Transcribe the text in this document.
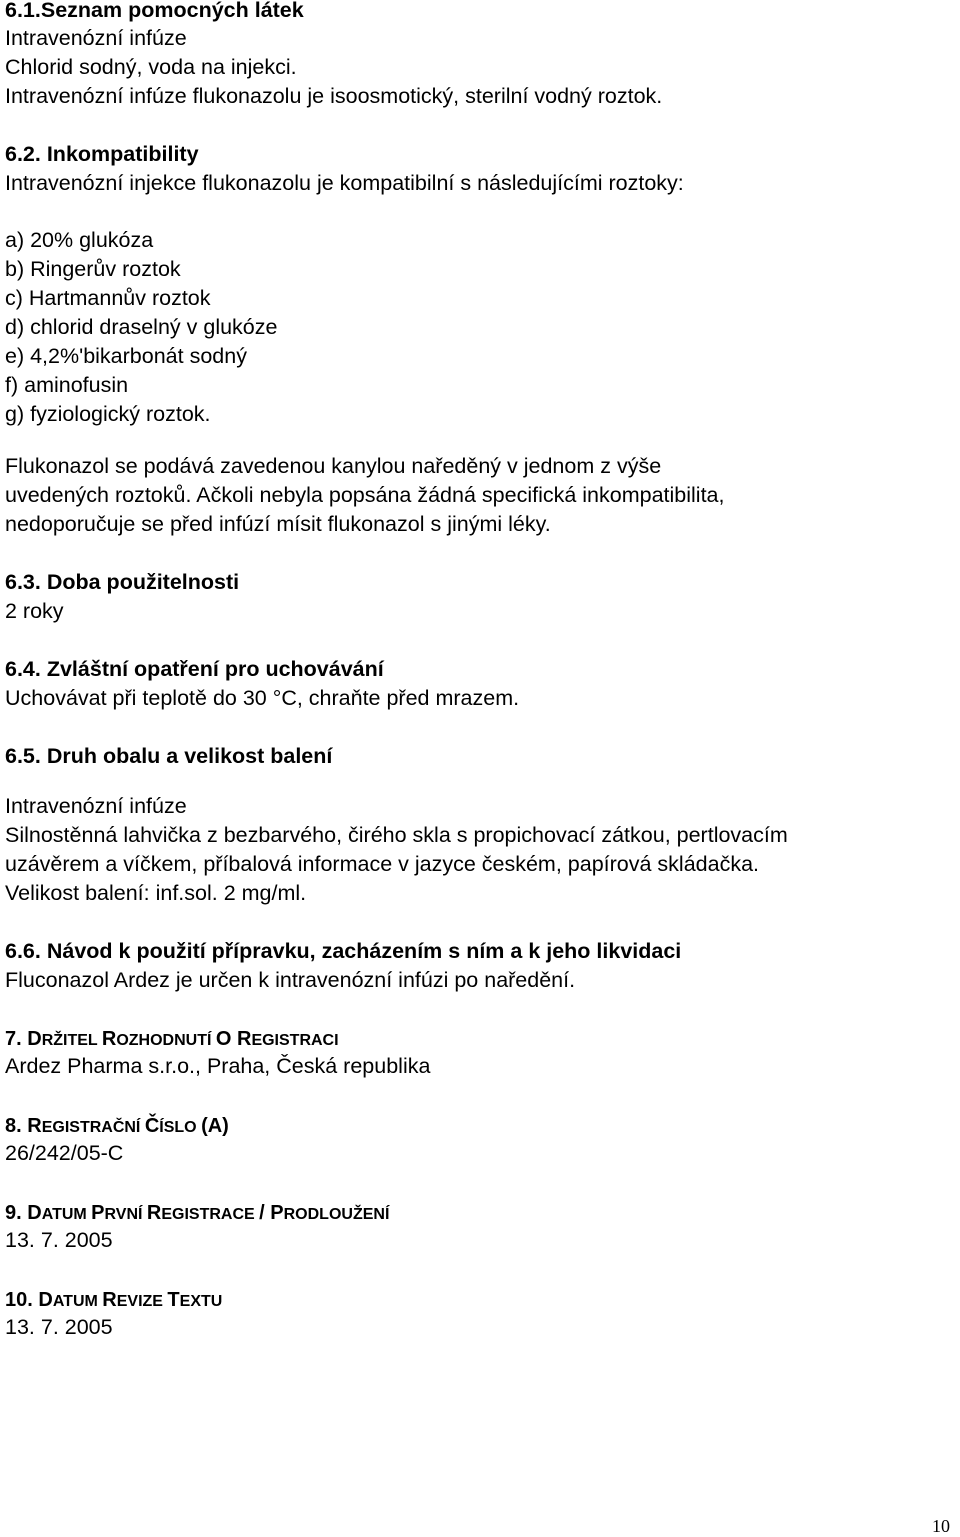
6.1.Seznam pomocných látek
Intravenózní infúze
Chlorid sodný, voda na injekci.
Intravenózní infúze flukonazolu je isoosmotický, sterilní vodný roztok.
6.2. Inkompatibility
Intravenózní injekce flukonazolu je kompatibilní s následujícími roztoky:
a) 20% glukóza
b) Ringerův roztok
c) Hartmannův roztok
d) chlorid draselný v glukóze
e) 4,2%'bikarbonát sodný
f) aminofusin
g) fyziologický roztok.
Flukonazol se podává zavedenou kanylou naředěný v jednom z výše
uvedených roztoků. Ačkoli nebyla popsána žádná specifická inkompatibilita,
nedoporučuje se před infúzí mísit flukonazol s jinými léky.
6.3. Doba použitelnosti
2 roky
6.4. Zvláštní opatření pro uchovávání
Uchovávat při teplotě do 30 °C, chraňte před mrazem.
6.5. Druh obalu a velikost balení
Intravenózní infúze
Silnostěnná lahvička z bezbarvého, čirého skla s propichovací zátkou, pertlovacím
uzávěrem a víčkem, příbalová informace v jazyce českém, papírová skládačka.
Velikost balení: inf.sol. 2 mg/ml.
6.6. Návod k použití přípravku, zacházením s ním a k jeho likvidaci
Fluconazol Ardez je určen k intravenózní infúzi po naředění.
7. DRŽITEL ROZHODNUTÍ O REGISTRACI
Ardez Pharma s.r.o., Praha, Česká republika
8. REGISTRAČNÍ ČÍSLO (A)
26/242/05-C
9. DATUM PRVNÍ REGISTRACE / PRODLOUŽENÍ
13. 7. 2005
10. DATUM REVIZE TEXTU
13. 7. 2005
10
